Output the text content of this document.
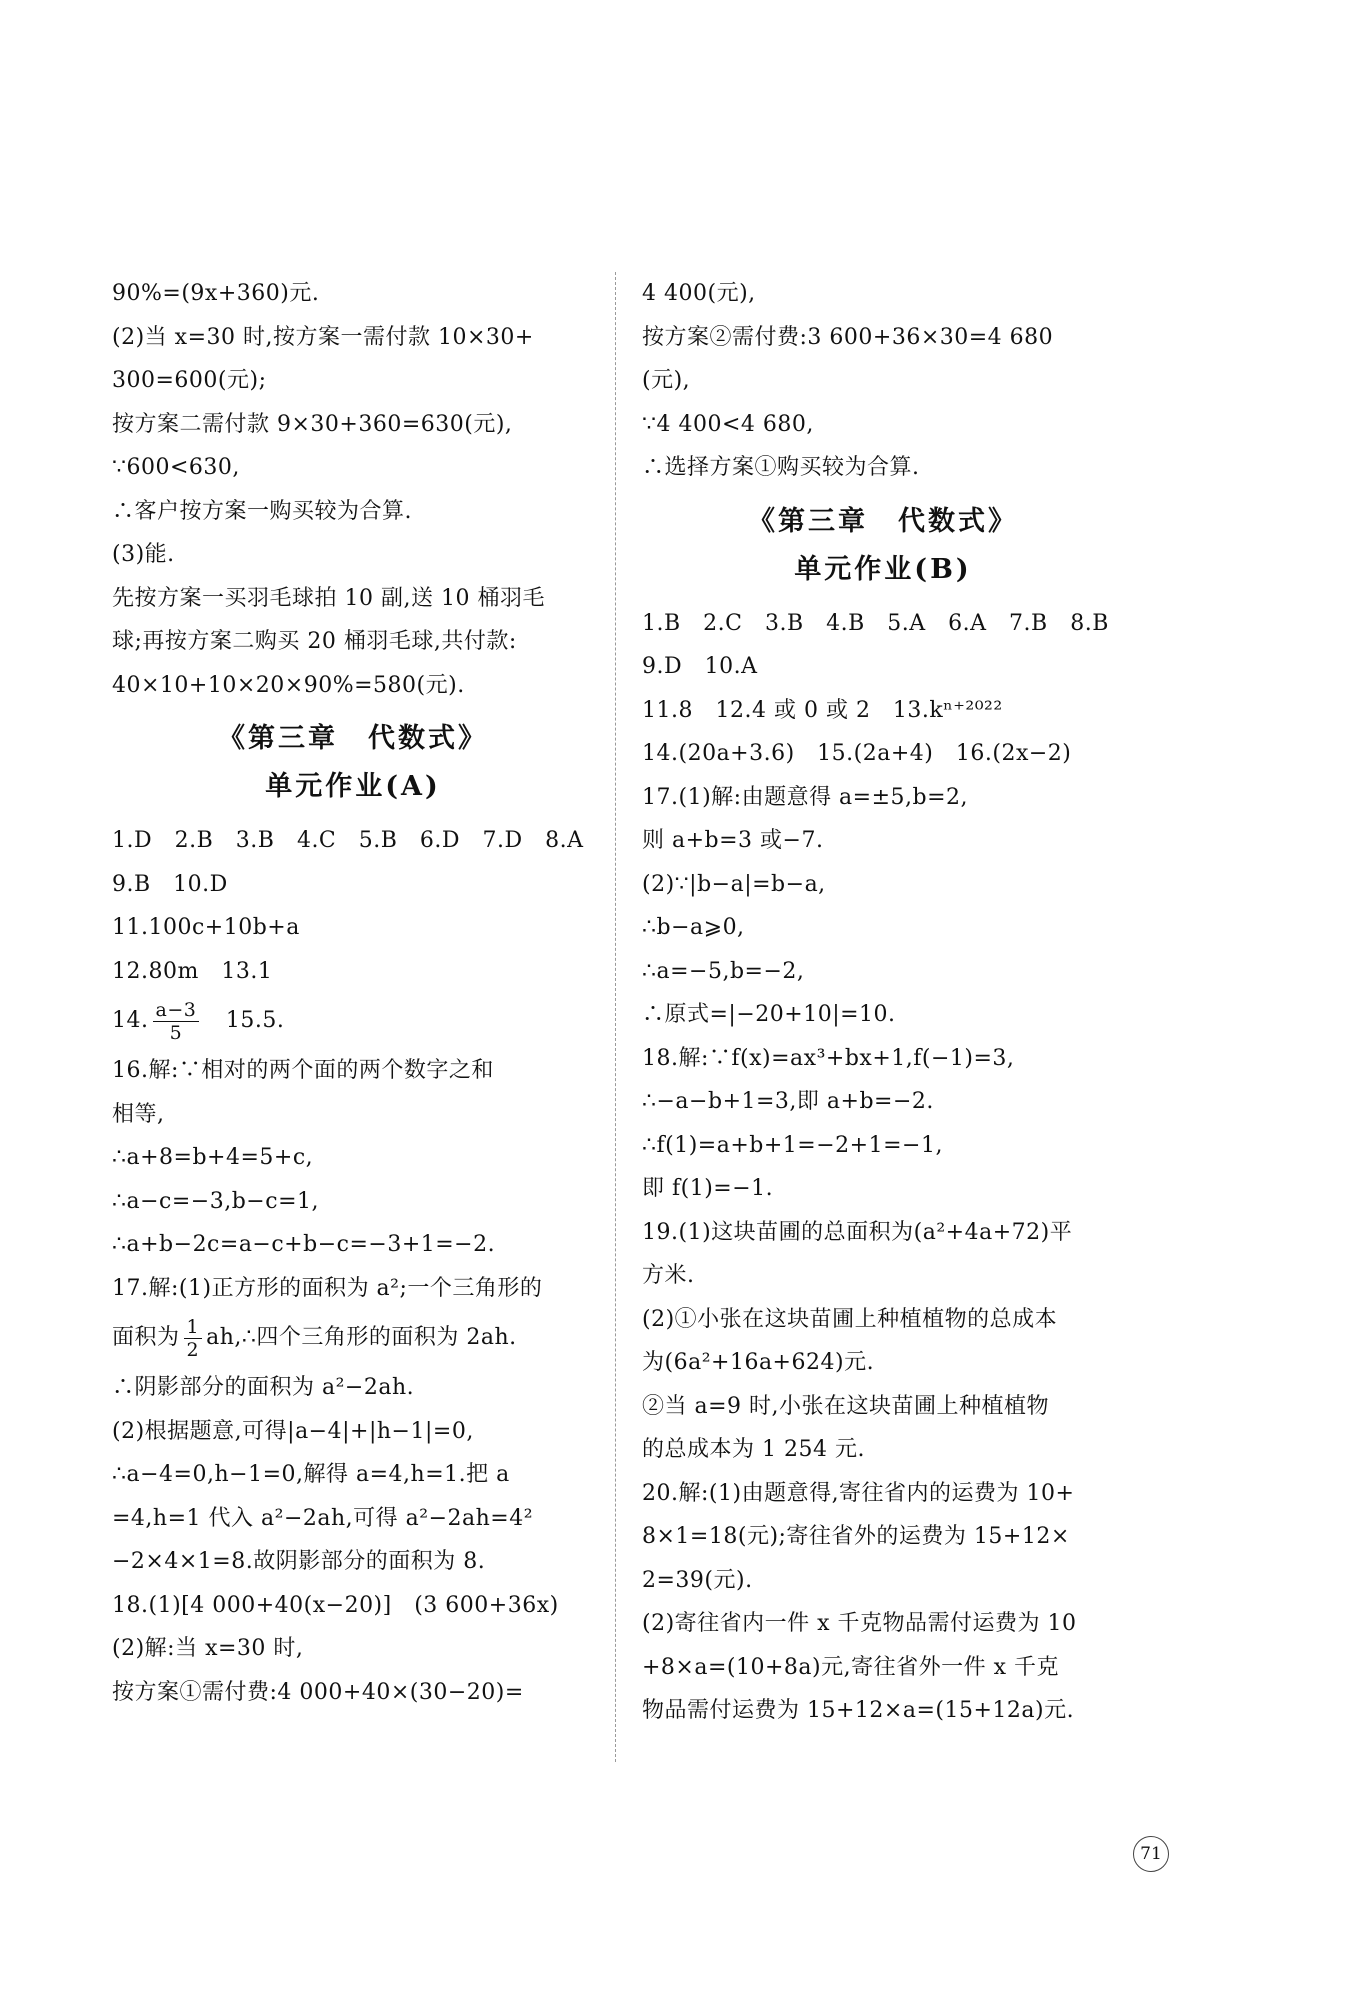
90%=(9x+360)元.
(2)当 x=30 时,按方案一需付款 10×30+
300=600(元);
按方案二需付款 9×30+360=630(元),
∵600<630,
∴客户按方案一购买较为合算.
(3)能.
先按方案一买羽毛球拍 10 副,送 10 桶羽毛
球;再按方案二购买 20 桶羽毛球,共付款:
40×10+10×20×90%=580(元).
《第三章　代数式》
单元作业(A)
1.D　2.B　3.B　4.C　5.B　6.D　7.D　8.A
9.B　10.D
11.100c+10b+a
12.80m　13.1
14. $\frac{a-3}{5}$ 　15.5.
16.解:∵相对的两个面的两个数字之和
相等,
∴a+8=b+4=5+c,
∴a−c=−3,b−c=1,
∴a+b−2c=a−c+b−c=−3+1=−2.
17.解:(1)正方形的面积为 a²;一个三角形的
面积为 $\frac{1}{2}$ ah,∴四个三角形的面积为 2ah.
∴阴影部分的面积为 a²−2ah.
(2)根据题意,可得|a−4|+|h−1|=0,
∴a−4=0,h−1=0,解得 a=4,h=1.把 a
=4,h=1 代入 a²−2ah,可得 a²−2ah=4²
−2×4×1=8.故阴影部分的面积为 8.
18.(1)[4 000+40(x−20)]　(3 600+36x)
(2)解:当 x=30 时,
按方案①需付费:4 000+40×(30−20)=
4 400(元),
按方案②需付费:3 600+36×30=4 680
(元),
∵4 400<4 680,
∴选择方案①购买较为合算.
《第三章　代数式》
单元作业(B)
1.B　2.C　3.B　4.B　5.A　6.A　7.B　8.B
9.D　10.A
11.8　12.4 或 0 或 2　13.kⁿ⁺²⁰²²
14.(20a+3.6)　15.(2a+4)　16.(2x−2)
17.(1)解:由题意得 a=±5,b=2,
则 a+b=3 或−7.
(2)∵|b−a|=b−a,
∴b−a⩾0,
∴a=−5,b=−2,
∴原式=|−20+10|=10.
18.解:∵f(x)=ax³+bx+1,f(−1)=3,
∴−a−b+1=3,即 a+b=−2.
∴f(1)=a+b+1=−2+1=−1,
即 f(1)=−1.
19.(1)这块苗圃的总面积为(a²+4a+72)平
方米.
(2)①小张在这块苗圃上种植植物的总成本
为(6a²+16a+624)元.
②当 a=9 时,小张在这块苗圃上种植植物
的总成本为 1 254 元.
20.解:(1)由题意得,寄往省内的运费为 10+
8×1=18(元);寄往省外的运费为 15+12×
2=39(元).
(2)寄往省内一件 x 千克物品需付运费为 10
+8×a=(10+8a)元,寄往省外一件 x 千克
物品需付运费为 15+12×a=(15+12a)元.
71
